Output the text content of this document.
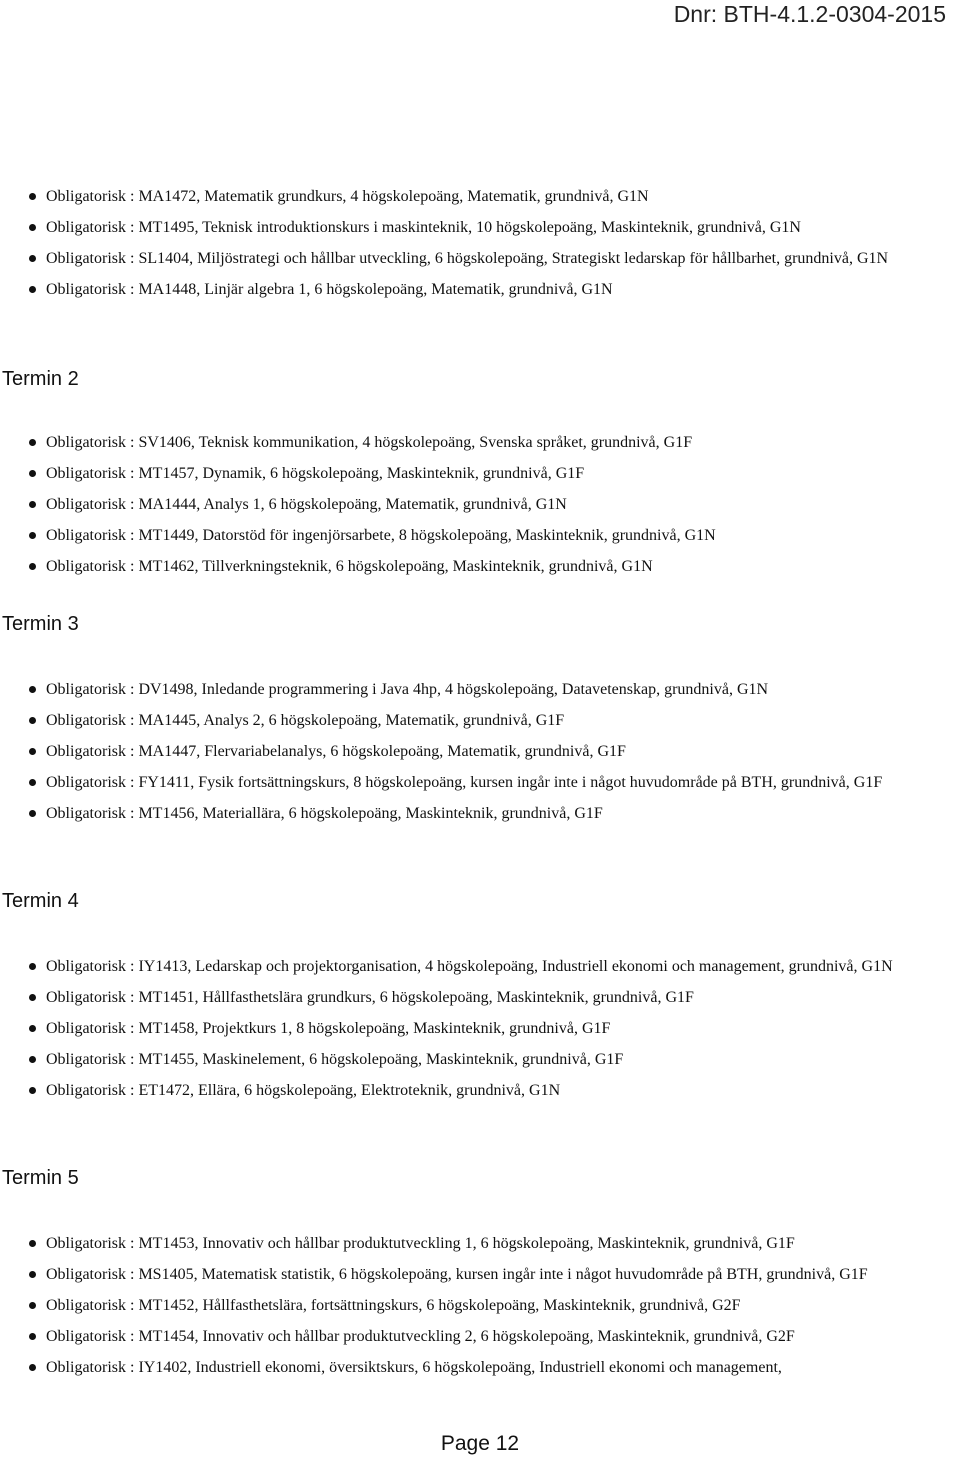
Dnr: BTH-4.1.2-0304-2015
Obligatorisk : MA1472, Matematik grundkurs, 4 högskolepoäng, Matematik, grundnivå, G1N
Obligatorisk : MT1495, Teknisk introduktionskurs i maskinteknik, 10 högskolepoäng, Maskinteknik, grundnivå, G1N
Obligatorisk : SL1404, Miljöstrategi och hållbar utveckling, 6 högskolepoäng, Strategiskt ledarskap för hållbarhet, grundnivå, G1N
Obligatorisk : MA1448, Linjär algebra 1, 6 högskolepoäng, Matematik, grundnivå, G1N
Termin 2
Obligatorisk : SV1406, Teknisk kommunikation, 4 högskolepoäng, Svenska språket, grundnivå, G1F
Obligatorisk : MT1457, Dynamik, 6 högskolepoäng, Maskinteknik, grundnivå, G1F
Obligatorisk : MA1444, Analys 1, 6 högskolepoäng, Matematik, grundnivå, G1N
Obligatorisk : MT1449, Datorstöd för ingenjörsarbete, 8 högskolepoäng, Maskinteknik, grundnivå, G1N
Obligatorisk : MT1462, Tillverkningsteknik, 6 högskolepoäng, Maskinteknik, grundnivå, G1N
Termin 3
Obligatorisk : DV1498, Inledande programmering i Java 4hp, 4 högskolepoäng, Datavetenskap, grundnivå, G1N
Obligatorisk : MA1445, Analys 2, 6 högskolepoäng, Matematik, grundnivå, G1F
Obligatorisk : MA1447, Flervariabelanalys, 6 högskolepoäng, Matematik, grundnivå, G1F
Obligatorisk : FY1411, Fysik fortsättningskurs, 8 högskolepoäng, kursen ingår inte i något huvudområde på BTH, grundnivå, G1F
Obligatorisk : MT1456, Materiallära, 6 högskolepoäng, Maskinteknik, grundnivå, G1F
Termin 4
Obligatorisk : IY1413, Ledarskap och projektorganisation, 4 högskolepoäng, Industriell ekonomi och management, grundnivå, G1N
Obligatorisk : MT1451, Hållfasthetslära grundkurs, 6 högskolepoäng, Maskinteknik, grundnivå, G1F
Obligatorisk : MT1458, Projektkurs 1, 8 högskolepoäng, Maskinteknik, grundnivå, G1F
Obligatorisk : MT1455, Maskinelement, 6 högskolepoäng, Maskinteknik, grundnivå, G1F
Obligatorisk : ET1472, Ellära, 6 högskolepoäng, Elektroteknik, grundnivå, G1N
Termin 5
Obligatorisk : MT1453, Innovativ och hållbar produktutveckling 1, 6 högskolepoäng, Maskinteknik, grundnivå, G1F
Obligatorisk : MS1405, Matematisk statistik, 6 högskolepoäng, kursen ingår inte i något huvudområde på BTH, grundnivå, G1F
Obligatorisk : MT1452, Hållfasthetslära, fortsättningskurs, 6 högskolepoäng, Maskinteknik, grundnivå, G2F
Obligatorisk : MT1454, Innovativ och hållbar produktutveckling 2, 6 högskolepoäng, Maskinteknik, grundnivå, G2F
Obligatorisk : IY1402, Industriell ekonomi, översiktskurs, 6 högskolepoäng, Industriell ekonomi och management,
Page 12
